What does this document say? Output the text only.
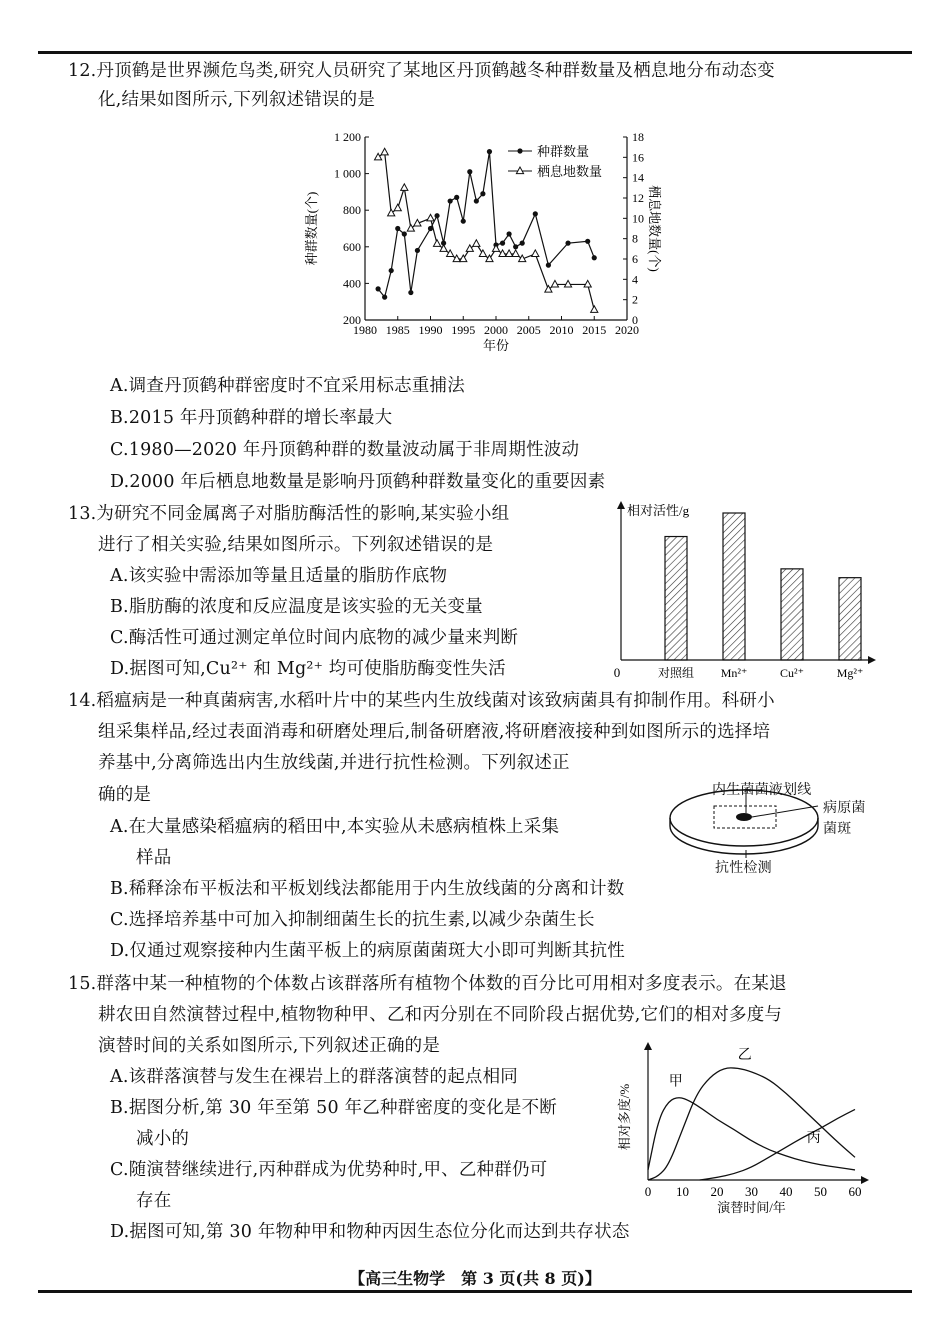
12.丹顶鹤是世界濒危鸟类,研究人员研究了某地区丹顶鹤越冬种群数量及栖息地分布动态变
化,结果如图所示,下列叙述错误的是
200
400
600
800
1 000
1 200
0
2
4
6
8
10
12
14
16
18
1980 1985 1990 1995 2000 2005 2010 2015 2020
年份
种群数量(个)	栖息地数量(个)
种群数量
栖息地数量
A.调查丹顶鹤种群密度时不宜采用标志重捕法
B.2015 年丹顶鹤种群的增长率最大
C.1980—2020 年丹顶鹤种群的数量波动属于非周期性波动
D.2000 年后栖息地数量是影响丹顶鹤种群数量变化的重要因素
13.为研究不同金属离子对脂肪酶活性的影响,某实验小组
进行了相关实验,结果如图所示。下列叙述错误的是
A.该实验中需添加等量且适量的脂肪作底物
B.脂肪酶的浓度和反应温度是该实验的无关变量
C.酶活性可通过测定单位时间内底物的减少量来判断
D.据图可知,Cu²⁺ 和 Mg²⁺ 均可使脂肪酶变性失活
相对活性/g
0	对照组 Mn²⁺	Cu²⁺	Mg²⁺
14.稻瘟病是一种真菌病害,水稻叶片中的某些内生放线菌对该致病菌具有抑制作用。科研小
组采集样品,经过表面消毒和研磨处理后,制备研磨液,将研磨液接种到如图所示的选择培
养基中,分离筛选出内生放线菌,并进行抗性检测。下列叙述正
确的是
A.在大量感染稻瘟病的稻田中,本实验从未感病植株上采集
样品
B.稀释涂布平板法和平板划线法都能用于内生放线菌的分离和计数
C.选择培养基中可加入抑制细菌生长的抗生素,以减少杂菌生长
D.仅通过观察接种内生菌平板上的病原菌菌斑大小即可判断其抗性
内生菌菌液划线
病原菌
菌斑
抗性检测
15.群落中某一种植物的个体数占该群落所有植物个体数的百分比可用相对多度表示。在某退
耕农田自然演替过程中,植物物种甲、乙和丙分别在不同阶段占据优势,它们的相对多度与
演替时间的关系如图所示,下列叙述正确的是
A.该群落演替与发生在裸岩上的群落演替的起点相同
B.据图分析,第 30 年至第 50 年乙种群密度的变化是不断
减小的
C.随演替继续进行,丙种群成为优势种时,甲、乙种群仍可
存在
D.据图可知,第 30 年物种甲和物种丙因生态位分化而达到共存状态
0 10 20 30 40 50 60
演替时间/年
相对多度/%
甲
乙
丙
【高三生物学　第 3 页(共 8 页)】
